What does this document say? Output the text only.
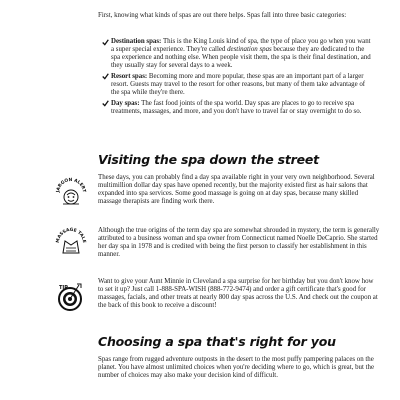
First, knowing what kinds of spas are out there helps. Spas fall into three basic categories:

Destination spas: This is the King Louis kind of spa, the type of place you go when you want a super special experience. They're called destination spas because they are dedicated to the spa experience and nothing else. When people visit them, the spa is their final destination, and they usually stay for several days to a week.
Resort spas: Becoming more and more popular, these spas are an important part of a larger resort. Guests may travel to the resort for other reasons, but many of them take advantage of the spa while they're there.
Day spas: The fast food joints of the spa world. Day spas are places to go to receive spa treatments, massages, and more, and you don't have to travel far or stay overnight to do so.
Visiting the spa down the street
JARGON ALERT

These days, you can probably find a day spa available right in your very own neighborhood. Several multimillion dollar day spas have opened recently, but the majority existed first as hair salons that expanded into spa services. Some good massage is going on at day spas, because many skilled massage therapists are finding work there.

MASSAGE TALE

Although the true origins of the term day spa are somewhat shrouded in mystery, the term is generally attributed to a business woman and spa owner from Connecticut named Noelle DeCaprio. She started her day spa in 1978 and is credited with being the first person to classify her establishment in this manner.

TIP

Want to give your Aunt Minnie in Cleveland a spa surprise for her birthday but you don't know how to set it up? Just call 1-888-SPA-WISH (888-772-9474) and order a gift certificate that's good for massages, facials, and other treats at nearly 800 day spas across the U.S. And check out the coupon at the back of this book to receive a discount!

Choosing a spa that's right for you

Spas range from rugged adventure outposts in the desert to the most puffy pampering palaces on the planet. You have almost unlimited choices when you're deciding where to go, which is great, but the number of choices may also make your decision kind of difficult.
